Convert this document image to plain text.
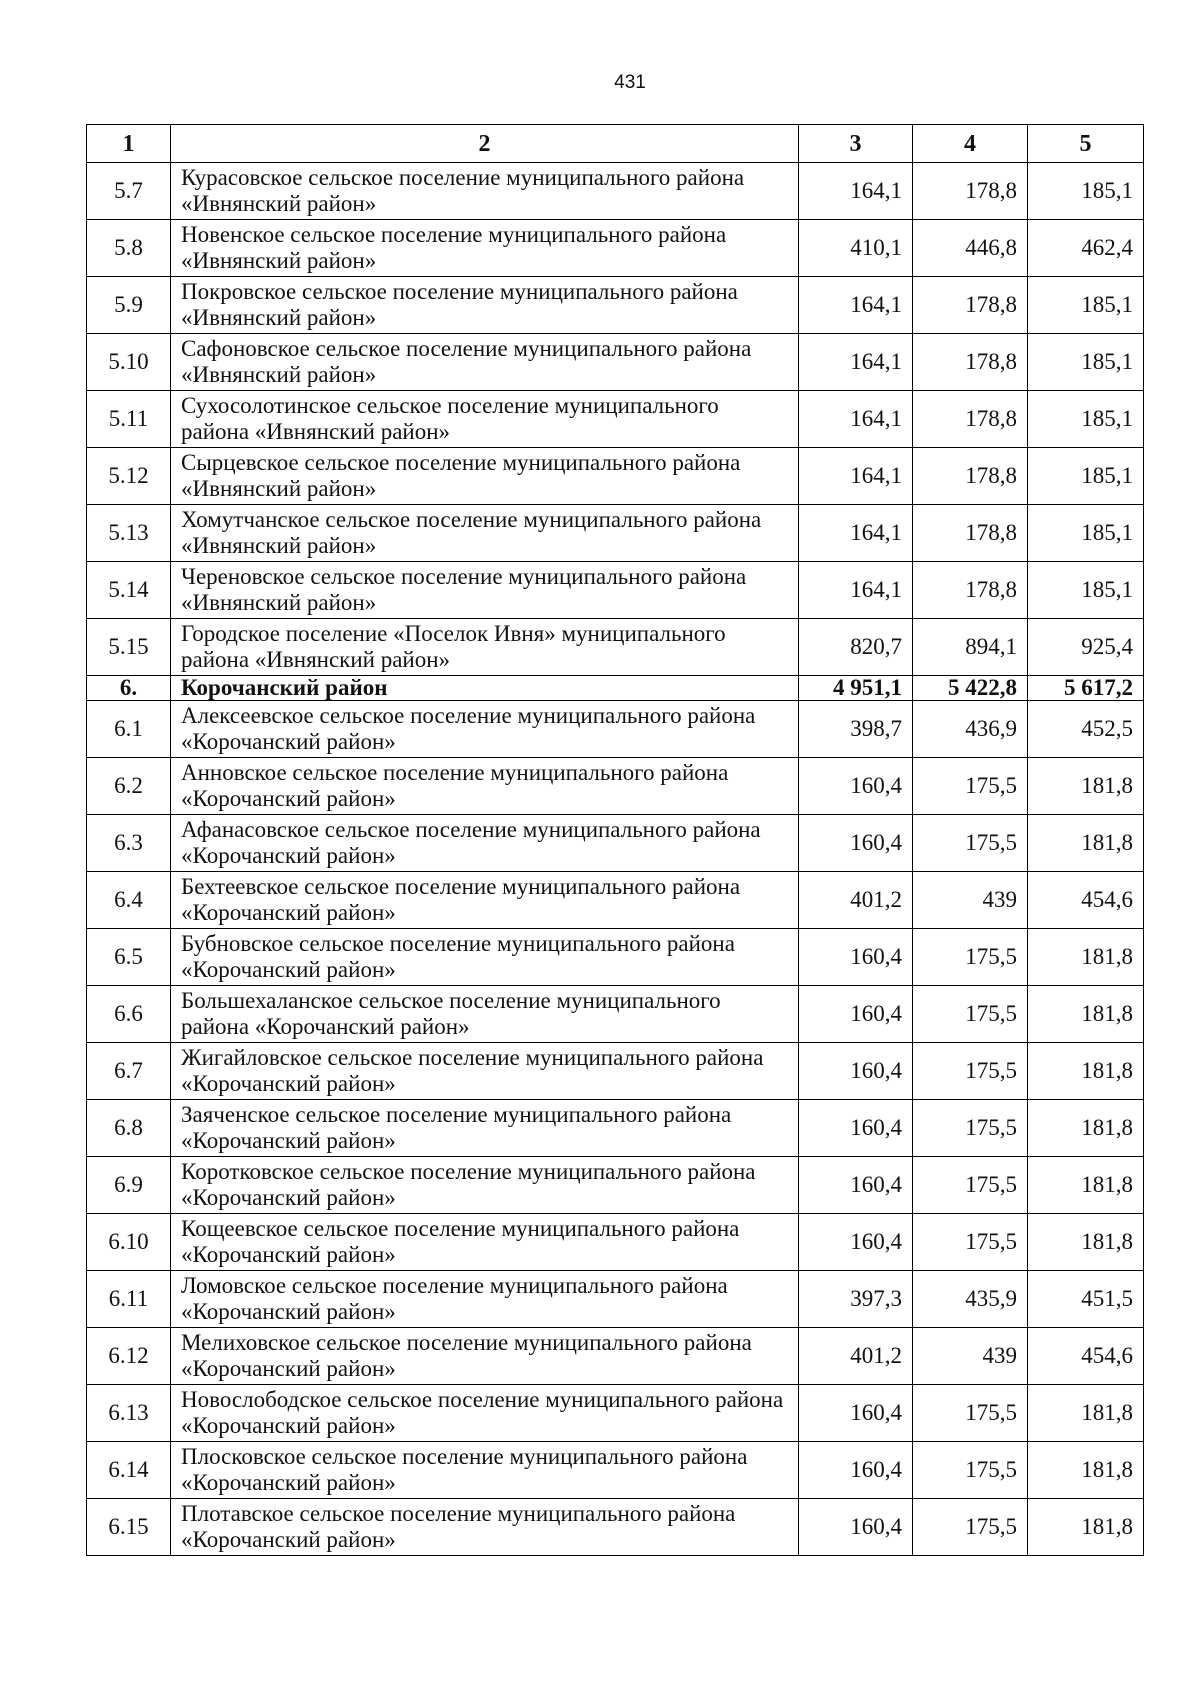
431
1	2	3	4	5
5.7	Курасовское сельское поселение муниципального района «Ивнянский район»	164,1	178,8	185,1
5.8	Новенское сельское поселение муниципального района «Ивнянский район»	410,1	446,8	462,4
5.9	Покровское сельское поселение муниципального района «Ивнянский район»	164,1	178,8	185,1
5.10	Сафоновское сельское поселение муниципального района «Ивнянский район»	164,1	178,8	185,1
5.11	Сухосолотинское сельское поселение муниципального района «Ивнянский район»	164,1	178,8	185,1
5.12	Сырцевское сельское поселение муниципального района «Ивнянский район»	164,1	178,8	185,1
5.13	Хомутчанское сельское поселение муниципального района «Ивнянский район»	164,1	178,8	185,1
5.14	Череновское сельское поселение муниципального района «Ивнянский район»	164,1	178,8	185,1
5.15	Городское поселение «Поселок Ивня» муниципального района «Ивнянский район»	820,7	894,1	925,4
6.	Корочанский район	4 951,1	5 422,8	5 617,2
6.1	Алексеевское сельское поселение муниципального района «Корочанский район»	398,7	436,9	452,5
6.2	Анновское сельское поселение муниципального района «Корочанский район»	160,4	175,5	181,8
6.3	Афанасовское сельское поселение муниципального района «Корочанский район»	160,4	175,5	181,8
6.4	Бехтеевское сельское поселение муниципального района «Корочанский район»	401,2	439	454,6
6.5	Бубновское сельское поселение муниципального района «Корочанский район»	160,4	175,5	181,8
6.6	Большехаланское сельское поселение муниципального района «Корочанский район»	160,4	175,5	181,8
6.7	Жигайловское сельское поселение муниципального района «Корочанский район»	160,4	175,5	181,8
6.8	Заяченское сельское поселение муниципального района «Корочанский район»	160,4	175,5	181,8
6.9	Коротковское сельское поселение муниципального района «Корочанский район»	160,4	175,5	181,8
6.10	Кощеевское сельское поселение муниципального района «Корочанский район»	160,4	175,5	181,8
6.11	Ломовское сельское поселение муниципального района «Корочанский район»	397,3	435,9	451,5
6.12	Мелиховское сельское поселение муниципального района «Корочанский район»	401,2	439	454,6
6.13	Новослободское сельское поселение муниципального района «Корочанский район»	160,4	175,5	181,8
6.14	Плосковское сельское поселение муниципального района «Корочанский район»	160,4	175,5	181,8
6.15	Плотавское сельское поселение муниципального района «Корочанский район»	160,4	175,5	181,8
